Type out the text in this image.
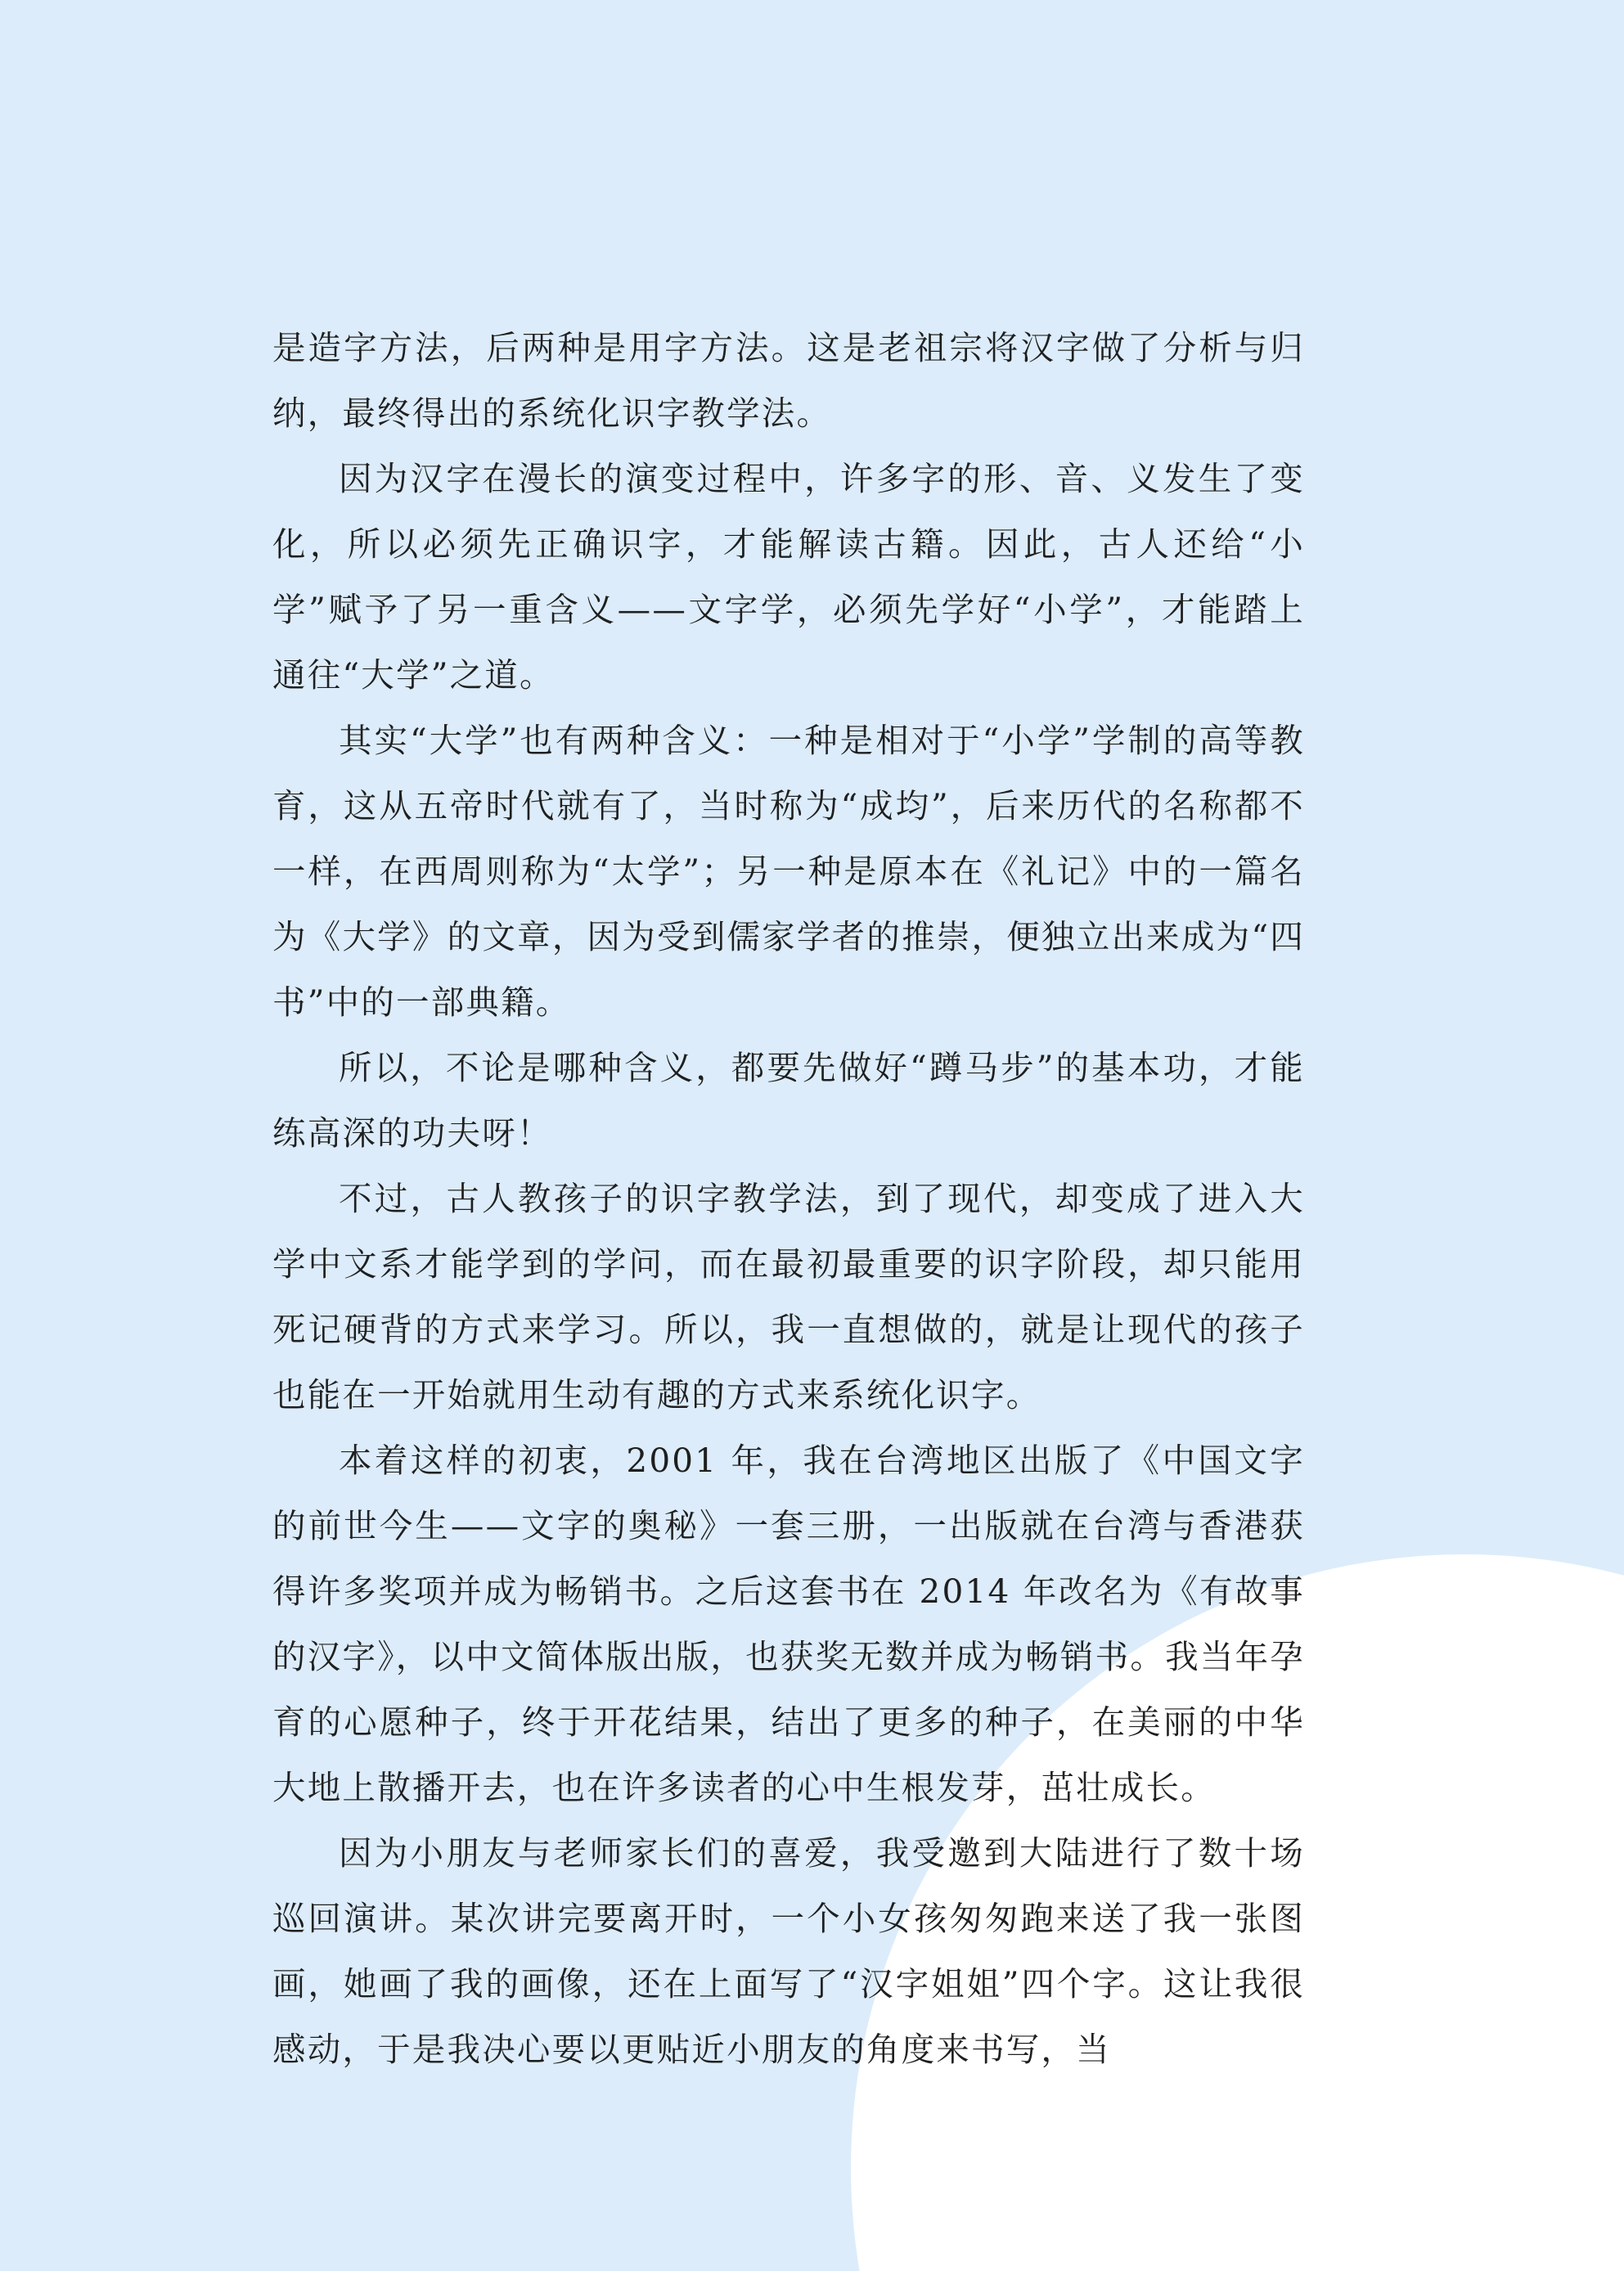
是造字方法，后两种是用字方法。这是老祖宗将汉字做了分析与归纳，最终得出的系统化识字教学法。

因为汉字在漫长的演变过程中，许多字的形、音、义发生了变化，所以必须先正确识字，才能解读古籍。因此，古人还给“小学”赋予了另一重含义——文字学，必须先学好“小学”，才能踏上通往“大学”之道。

其实“大学”也有两种含义：一种是相对于“小学”学制的高等教育，这从五帝时代就有了，当时称为“成均”，后来历代的名称都不一样，在西周则称为“太学”；另一种是原本在《礼记》中的一篇名为《大学》的文章，因为受到儒家学者的推崇，便独立出来成为“四书”中的一部典籍。

所以，不论是哪种含义，都要先做好“蹲马步”的基本功，才能练高深的功夫呀！

不过，古人教孩子的识字教学法，到了现代，却变成了进入大学中文系才能学到的学问，而在最初最重要的识字阶段，却只能用死记硬背的方式来学习。所以，我一直想做的，就是让现代的孩子也能在一开始就用生动有趣的方式来系统化识字。

本着这样的初衷，2001 年，我在台湾地区出版了《中国文字的前世今生——文字的奥秘》一套三册，一出版就在台湾与香港获得许多奖项并成为畅销书。之后这套书在 2014 年改名为《有故事的汉字》，以中文简体版出版，也获奖无数并成为畅销书。我当年孕育的心愿种子，终于开花结果，结出了更多的种子，在美丽的中华大地上散播开去，也在许多读者的心中生根发芽，茁壮成长。

因为小朋友与老师家长们的喜爱，我受邀到大陆进行了数十场巡回演讲。某次讲完要离开时，一个小女孩匆匆跑来送了我一张图画，她画了我的画像，还在上面写了“汉字姐姐”四个字。这让我很感动，于是我决心要以更贴近小朋友的角度来书写，当
